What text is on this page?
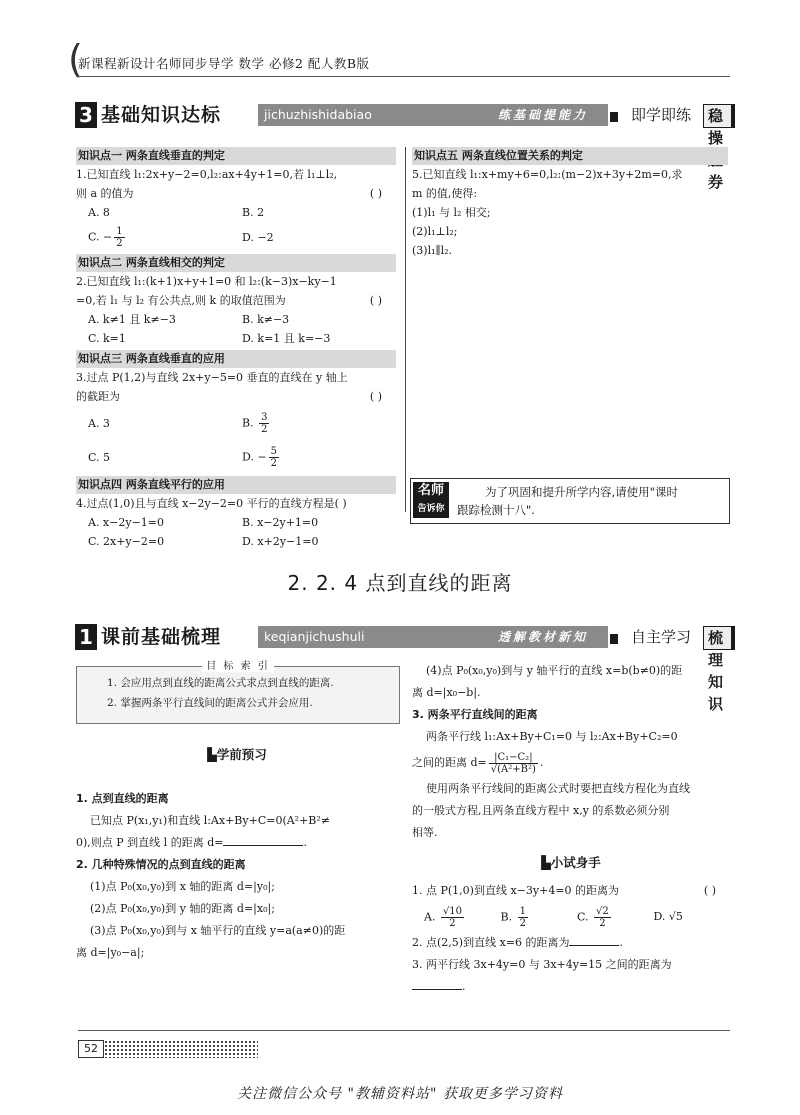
(
新课程新设计名师同步导学 数学 必修2 配人教B版
3 基础知识达标	jichuzhishidabiao	练基础提能力	即学即练	稳操 券
知识点一 两条直线垂直的判定
1.已知直线 l₁:2x+y−2=0,l₂:ax+4y+1=0,若 l₁⊥l₂,
则 a 的值为	( )
A. 8	B. 2
C. − $\frac{1}{2}$	D. −2
知识点二 两条直线相交的判定
2.已知直线 l₁:(k+1)x+y+1=0 和 l₂:(k−3)x−ky−1
=0,若 l₁ 与 l₂ 有公共点,则 k 的取值范围为	( )
A. k≠1 且 k≠−3	B. k≠−3
C. k=1	D. k=1 且 k=−3
知识点三 两条直线垂直的应用
3.过点 P(1,2)与直线 2x+y−5=0 垂直的直线在 y 轴上
的截距为	( )
A. 3	B. $\frac{3}{2}$
C. 5	D. − $\frac{5}{2}$
知识点四 两条直线平行的应用
4.过点(1,0)且与直线 x−2y−2=0 平行的直线方程是( )
A. x−2y−1=0	B. x−2y+1=0
C. 2x+y−2=0	D. x+2y−1=0
知识点五 两条直线位置关系的判定
5.已知直线 l₁:x+my+6=0,l₂:(m−2)x+3y+2m=0,求
m 的值,使得:
(1)l₁ 与 l₂ 相交;
(2)l₁⊥l₂;
(3)l₁∥l₂.
名师
告诉你
为了巩固和提升所学内容,请使用"课时
跟踪检测十八".
2. 2. 4 点到直线的距离
1 课前基础梳理	keqianjichushuli	透解教材新知	自主学习	梳理知识
目 标 索 引
1. 会应用点到直线的距离公式求点到直线的距离.
2. 掌握两条平行直线间的距离公式并会应用.
▙学前预习
1. 点到直线的距离
已知点 P(x₁,y₁)和直线 l:Ax+By+C=0(A²+B²≠
0),则点 P 到直线 l 的距离 d=	.
2. 几种特殊情况的点到直线的距离
(1)点 P₀(x₀,y₀)到 x 轴的距离 d=|y₀|;
(2)点 P₀(x₀,y₀)到 y 轴的距离 d=|x₀|;
(3)点 P₀(x₀,y₀)到与 x 轴平行的直线 y=a(a≠0)的距
离 d=|y₀−a|;
(4)点 P₀(x₀,y₀)到与 y 轴平行的直线 x=b(b≠0)的距
离 d=|x₀−b|.
3. 两条平行直线间的距离
两条平行线 l₁:Ax+By+C₁=0 与 l₂:Ax+By+C₂=0
之间的距离 $d= \frac{\text{|C₁−C₂|}}{\text{√(A²+B²)}}$ .
使用两条平行线间的距离公式时要把直线方程化为直线
的一般式方程,且两条直线方程中 x,y 的系数必须分别
相等.
▙小试身手
1. 点 P(1,0)到直线 x−3y+4=0 的距离为	( )
A. $\frac{√10}{2}$	B. $\frac{1}{2}$	C. $\frac{√2}{2}$	D. √5
2. 点(2,5)到直线 x=6 的距离为	.
3. 两平行线 3x+4y=0 与 3x+4y=15 之间的距离为
.
52
关注微信公众号 "教辅资料站" 获取更多学习资料
